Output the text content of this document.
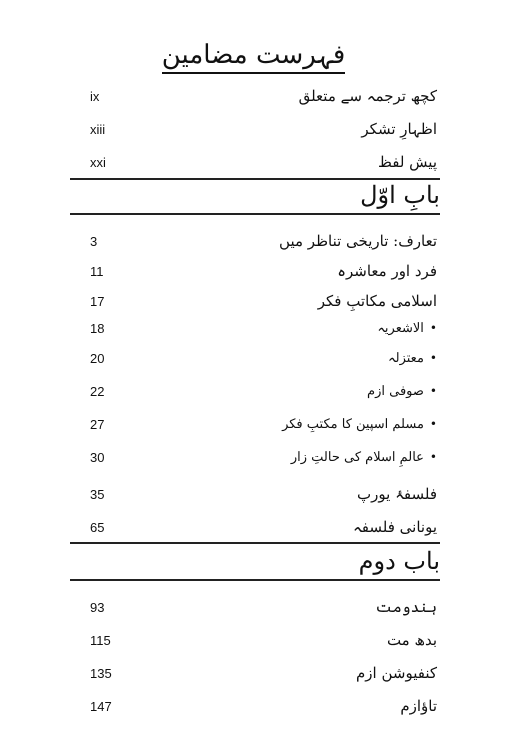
فہرست مضامین
ix	کچھ ترجمہ سے متعلق
xiii	اظہارِ تشکر
xxi	پیش لفظ
بابِ اوّل
3	تعارف: تاریخی تناظر میں
11	فرد اور معاشرہ
17	اسلامی مکاتبِ فکر
18	• الاشعریہ
20	• معتزلہ
22	• صوفی ازم
27	• مسلم اسپین کا مکتبِ فکر
30	• عالمِ اسلام کی حالتِ زار
35	فلسفۂ یورپ
65	یونانی فلسفہ
باب دوم
93	ہندومت
115	بدھ مت
135	کنفیوشن ازم
147	تاؤازم
